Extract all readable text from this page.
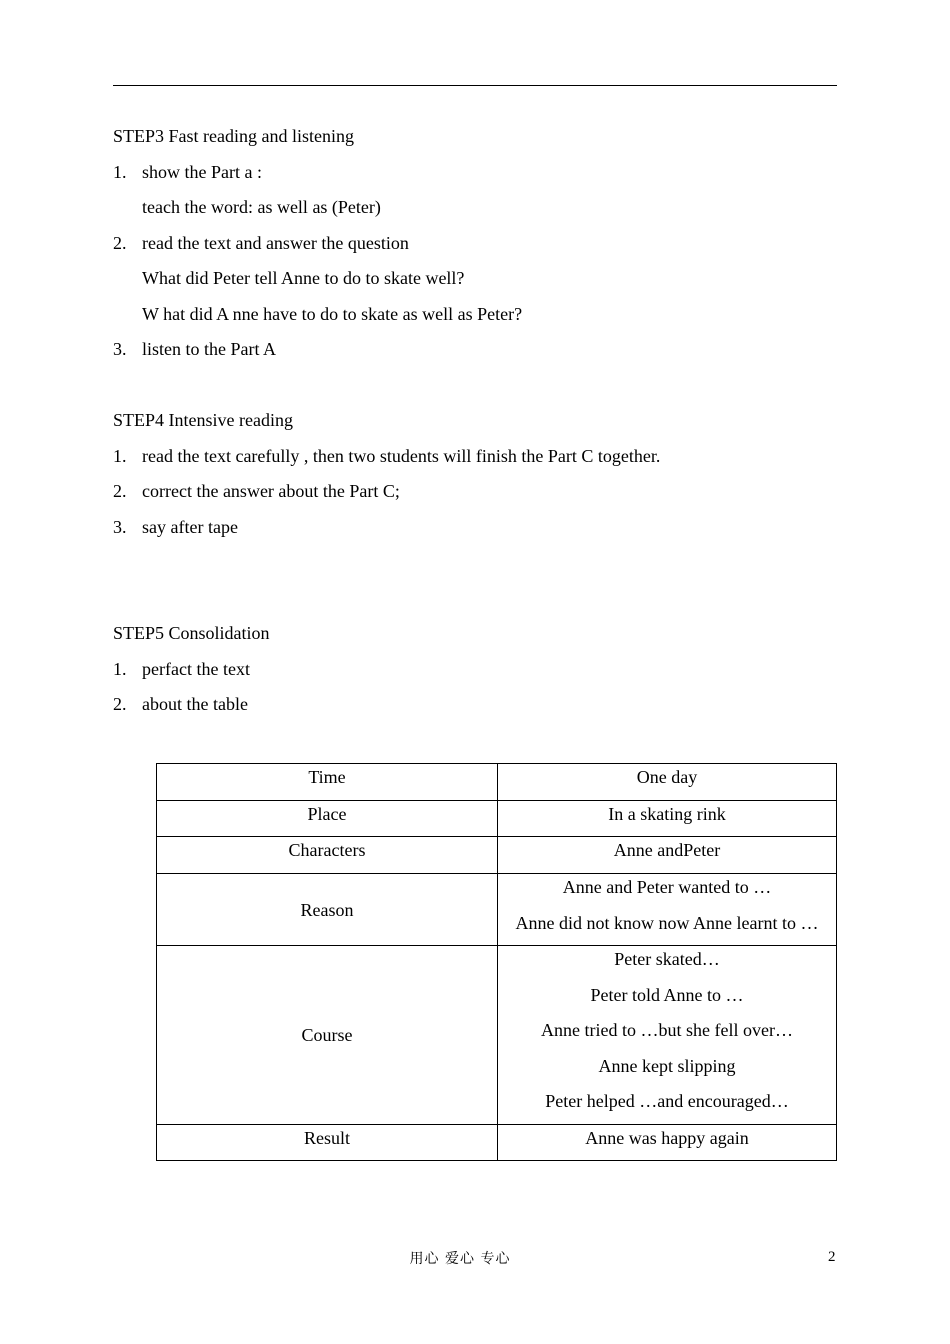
STEP3 Fast reading and listening
1. show the Part a :
teach the word: as well as (Peter)
2. read the text and answer the question
What did Peter tell Anne to do to skate well?
W hat did A nne have to do to skate as well as Peter?
3. listen to the Part A
STEP4 Intensive reading
1. read the text carefully , then two students will finish the Part C together.
2. correct the answer about the Part C;
3. say after tape
STEP5 Consolidation
1. perfact the text
2. about the table
Time	One day
Place	In a skating rink
Characters	Anne andPeter
Reason	Anne and Peter wanted to …
Anne did not know now Anne learnt to …

Course	Peter skated…
Peter told Anne to …
Anne tried to …but she fell over…
Anne kept slipping
Peter helped …and encouraged…

Result	Anne was happy again
用心 爱心 专心	2
